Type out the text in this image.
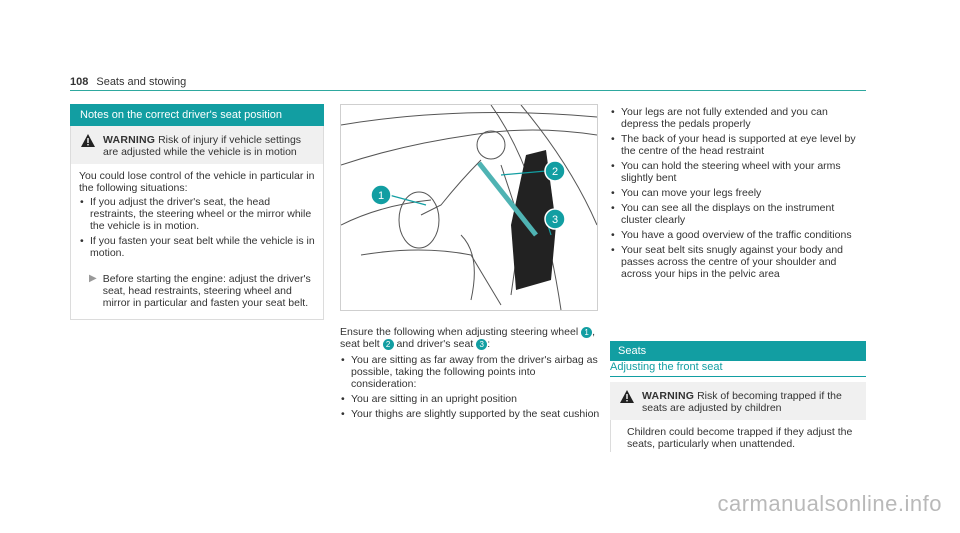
108 Seats and stowing
Notes on the correct driver's seat position
WARNING Risk of injury if vehicle settings are adjusted while the vehicle is in motion

You could lose control of the vehicle in particular in the following situations:

• If you adjust the driver's seat, the head restraints, the steering wheel or the mirror while the vehicle is in motion.
• If you fasten your seat belt while the vehicle is in motion.
▶ Before starting the engine: adjust the driver's seat, head restraints, steering wheel and mirror in particular and fasten your seat belt.
1
2
3
Ensure the following when adjusting steering wheel 1 , seat belt 2 and driver's seat 3 :
• You are sitting as far away from the driver's airbag as possible, taking the following points into consideration:
• You are sitting in an upright position
• Your thighs are slightly supported by the seat cushion
• Your legs are not fully extended and you can depress the pedals properly
• The back of your head is supported at eye level by the centre of the head restraint
• You can hold the steering wheel with your arms slightly bent
• You can move your legs freely
• You can see all the displays on the instrument cluster clearly
• You have a good overview of the traffic conditions
• Your seat belt sits snugly against your body and passes across the centre of your shoulder and across your hips in the pelvic area
Seats
Adjusting the front seat
WARNING Risk of becoming trapped if the seats are adjusted by children
Children could become trapped if they adjust the seats, particularly when unattended.
carmanualsonline.info
